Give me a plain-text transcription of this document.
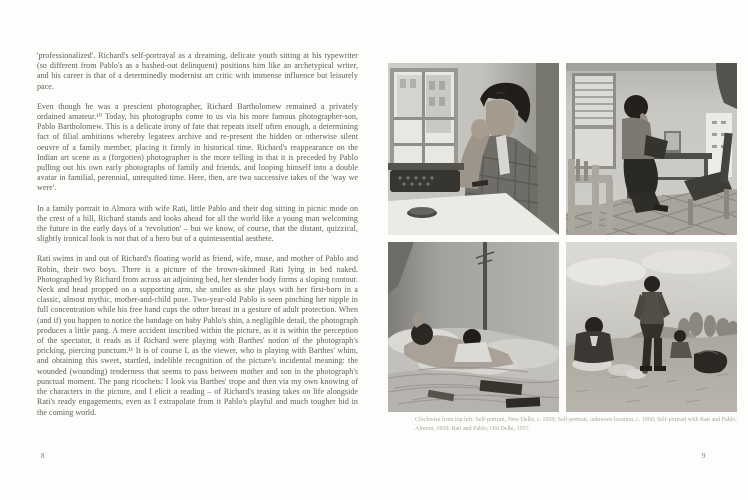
'professionalized'. Richard's self-portrayal as a dreaming, delicate youth sitting at his typewriter (so different from Pablo's as a hashed-out delinquent) positions him like an archetypical writer, and his career is that of a determinedly modernist art critic with immense influence but leisurely pace.

Even though he was a prescient photographer, Richard Bartholomew remained a privately ordained amateur.¹⁰ Today, his photographs come to us via his more famous photographer-son, Pablo Bartholomew. This is a delicate irony of fate that repeats itself often enough, a determining fact of filial ambitions whereby legatees archive and re-present the hidden or otherwise silent oeuvre of a family member, placing it firmly in historical time. Richard's reappearance on the Indian art scene as a (forgotten) photographer is the more telling in that it is preceded by Pablo pulling out his own early photographs of family and friends, and looping himself into a double avatar in familial, perennial, unrequited time. Here, then, are two successive takes of the 'way we were'.

In a family portrait in Almora with wife Rati, little Pablo and their dog sitting in picnic mode on the crest of a hill, Richard stands and looks ahead for all the world like a young man welcoming the future in the early days of a 'revolution' – but we know, of course, that the distant, quizzical, slightly ironical look is not that of a hero but of a quintessential aesthete.

Rati swims in and out of Richard's floating world as friend, wife, muse, and mother of Pablo and Robin, their two boys. There is a picture of the brown-skinned Rati lying in bed naked. Photographed by Richard from across an adjoining bed, her slender body forms a sloping contour. Neck and head propped on a supporting arm, she smiles as she plays with her first-born in a classic, almost mythic, mother-and-child pose. Two-year-old Pablo is seen pinching her nipple in full concentration while his free hand cups the other breast in a gesture of adult protection. When (and if) you happen to notice the bandage on baby Pablo's shin, a negligible detail, the photograph produces a little pang. A mere accident inscribed within the picture, as it is within the perception of the spectator, it reads as if Richard were playing with Barthes' notion of the photograph's pricking, piercing punctum.¹¹ It is of course I, as the viewer, who is playing with Barthes' whim, and obtaining this sweet, startled, indelible recognition of the picture's incidental meaning: the wounded (wounding) tenderness that seems to pass between mother and son in the photograph's punctual moment. The pang ricochets: I look via Barthes' trope and then via my own knowing of the characters in the picture, and I elicit a reading – of Richard's teasing takes on life alongside Rati's ready engagements, even as I extrapolate from it Pablo's playful and much tougher bid in the coming world.

8
Clockwise from top left: Self-portrait, New Delhi, c. 1959; Self-portrait, unknown location, c. 1960; Self-portrait with Rati and Pablo, Almora, 1959; Rati and Pablo, Old Delhi, 1957.
9
